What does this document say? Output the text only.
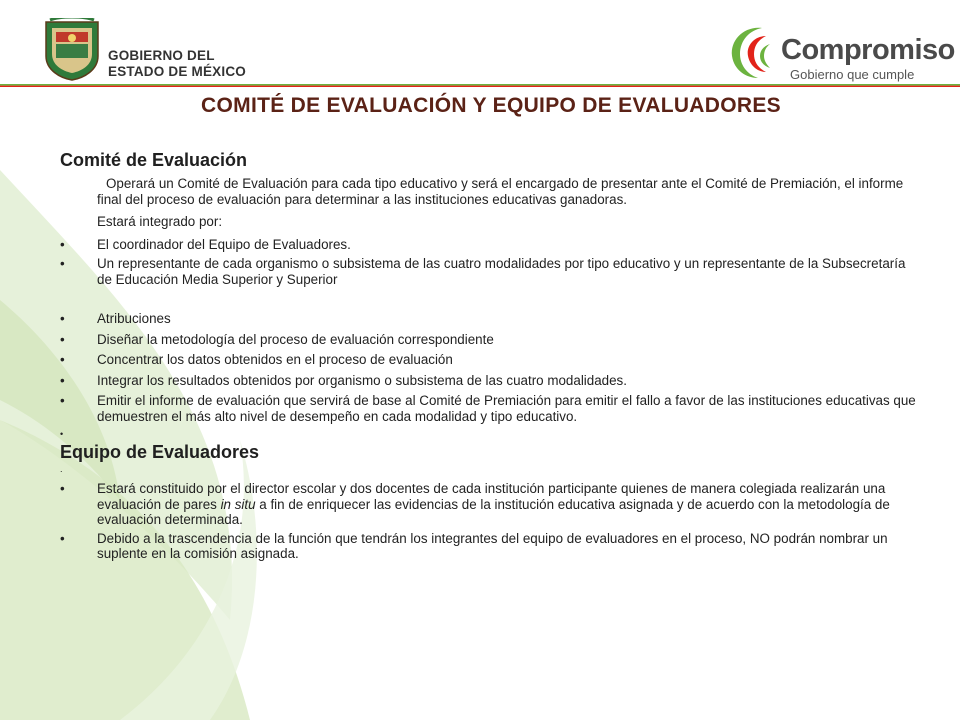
GOBIERNO DEL
ESTADO DE MÉXICO
Compromiso
Gobierno que cumple
COMITÉ DE EVALUACIÓN Y EQUIPO DE EVALUADORES
Comité de Evaluación

Operará un Comité de Evaluación para cada tipo educativo y será el encargado de presentar ante el Comité de Premiación, el informe final del proceso de evaluación para determinar a las instituciones educativas ganadoras.

Estará integrado por:

•	El coordinador del Equipo de Evaluadores.
•	Un representante de cada organismo o subsistema de las cuatro modalidades por tipo educativo y un representante de la Subsecretaría de Educación Media Superior y Superior
•	Atribuciones
•	Diseñar la metodología del proceso de evaluación correspondiente
•	Concentrar los datos obtenidos en el proceso de evaluación
•	Integrar los resultados obtenidos por organismo o subsistema de las cuatro modalidades.
•	Emitir el informe de evaluación que servirá de base al Comité de Premiación para emitir el fallo a favor de las instituciones educativas que demuestren el más alto nivel de desempeño en cada modalidad y tipo educativo.
•
Equipo de Evaluadores
.
•	Estará constituido por el director escolar y dos docentes de cada institución participante quienes de manera colegiada realizarán una evaluación de pares in situ a fin de enriquecer las evidencias de la institución educativa asignada y de acuerdo con la metodología de evaluación determinada.
•	Debido a la trascendencia de la función que tendrán los integrantes del equipo de evaluadores en el proceso, NO podrán nombrar un suplente en la comisión asignada.
